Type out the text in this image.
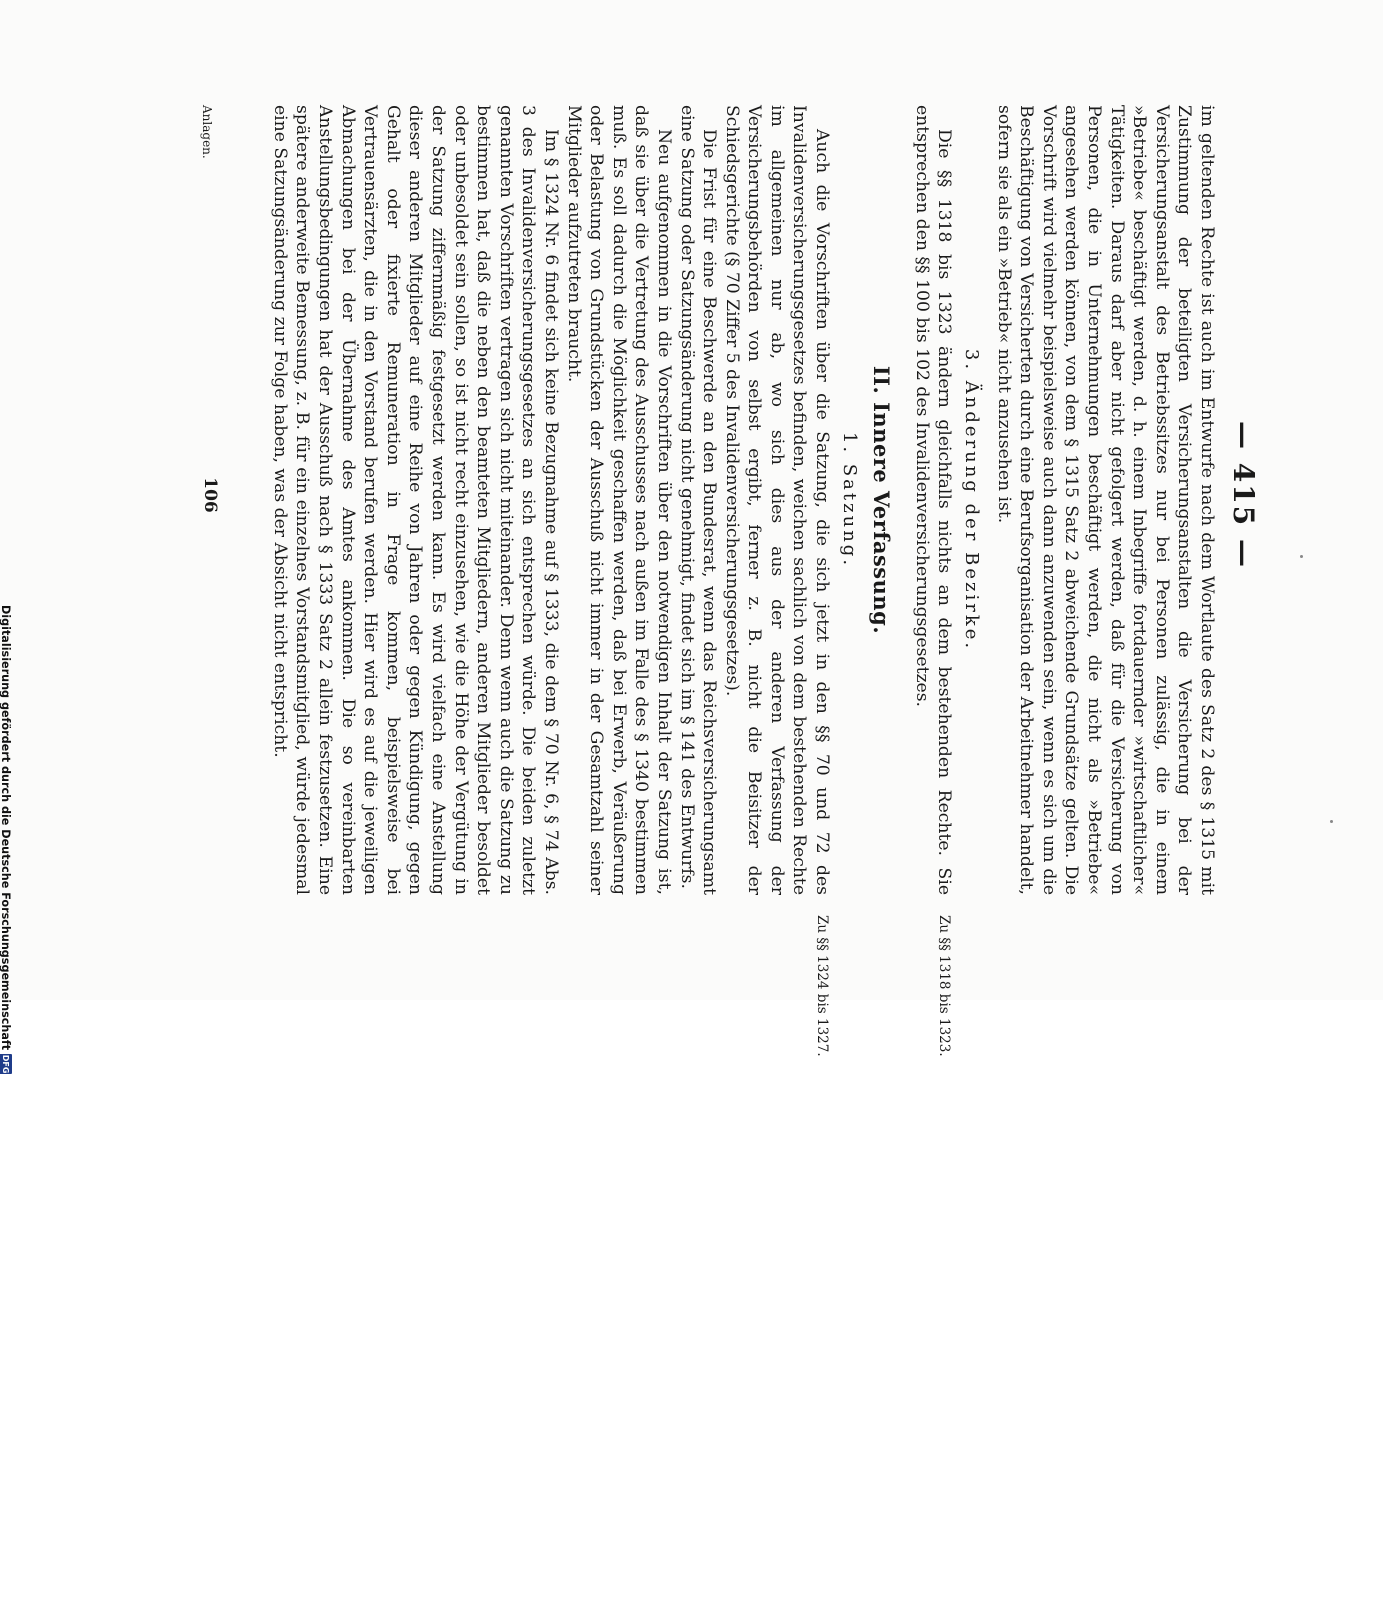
— 415 —

im geltenden Rechte ist auch im Entwurfe nach dem Wortlaute des Satz 2 des § 1315 mit Zustimmung der beteiligten Versicherungsanstalten die Versicherung bei der Versicherungsanstalt des Betriebssitzes nur bei Personen zulässig, die in einem »Betriebe« beschäftigt werden, d. h. einem Inbegriffe fortdauernder »wirtschaftlicher« Tätigkeiten. Daraus darf aber nicht gefolgert werden, daß für die Versicherung von Personen, die in Unternehmungen beschäftigt werden, die nicht als »Betriebe« angesehen werden können, von dem § 1315 Satz 2 abweichende Grundsätze gelten. Die Vorschrift wird vielmehr beispielsweise auch dann anzuwenden sein, wenn es sich um die Beschäftigung von Versicherten durch eine Berufsorganisation der Arbeitnehmer handelt, sofern sie als ein »Betrieb« nicht anzusehen ist.

3. Änderung der Bezirke.

Die §§ 1318 bis 1323 ändern gleichfalls nichts an dem bestehenden Rechte. Sie entsprechen den §§ 100 bis 102 des Invalidenversicherungsgesetzes.

Zu §§ 1318 bis 1323.
II. Innere Verfassung.
1. Satzung.

Auch die Vorschriften über die Satzung, die sich jetzt in den §§ 70 und 72 des Invalidenversicherungsgesetzes befinden, weichen sachlich von dem bestehenden Rechte im allgemeinen nur ab, wo sich dies aus der anderen Verfassung der Versicherungsbehörden von selbst ergibt, ferner z. B. nicht die Beisitzer der Schiedsgerichte (§ 70 Ziffer 5 des Invalidenversicherungsgesetzes).

Zu §§ 1324 bis 1327.

Die Frist für eine Beschwerde an den Bundesrat, wenn das Reichsversicherungsamt eine Satzung oder Satzungsänderung nicht genehmigt, findet sich im § 141 des Entwurfs.

Neu aufgenommen in die Vorschriften über den notwendigen Inhalt der Satzung ist, daß sie über die Vertretung des Ausschusses nach außen im Falle des § 1340 bestimmen muß. Es soll dadurch die Möglichkeit geschaffen werden, daß bei Erwerb, Veräußerung oder Belastung von Grundstücken der Ausschuß nicht immer in der Gesamtzahl seiner Mitglieder aufzutreten braucht.

Im § 1324 Nr. 6 findet sich keine Bezugnahme auf § 1333, die dem § 70 Nr. 6, § 74 Abs. 3 des Invalidenversicherungsgesetzes an sich entsprechen würde. Die beiden zuletzt genannten Vorschriften vertragen sich nicht miteinander. Denn wenn auch die Satzung zu bestimmen hat, daß die neben den beamteten Mitgliedern, anderen Mitglieder besoldet oder unbesoldet sein sollen, so ist nicht recht einzusehen, wie die Höhe der Vergütung in der Satzung ziffernmäßig festgesetzt werden kann. Es wird vielfach eine Anstellung dieser anderen Mitglieder auf eine Reihe von Jahren oder gegen Kündigung, gegen Gehalt oder fixierte Remuneration in Frage kommen, beispielsweise bei Vertrauensärzten, die in den Vorstand berufen werden. Hier wird es auf die jeweiligen Abmachungen bei der Übernahme des Amtes ankommen. Die so vereinbarten Anstellungsbedingungen hat der Ausschuß nach § 1333 Satz 2 allein festzusetzen. Eine spätere anderweite Bemessung, z. B. für ein einzelnes Vorstandsmitglied, würde jedesmal eine Satzungsänderung zur Folge haben, was der Absicht nicht entspricht.

106
Anlagen.
Digitalisierung gefördert durch die Deutsche Forschungsgemeinschaft
DFG
